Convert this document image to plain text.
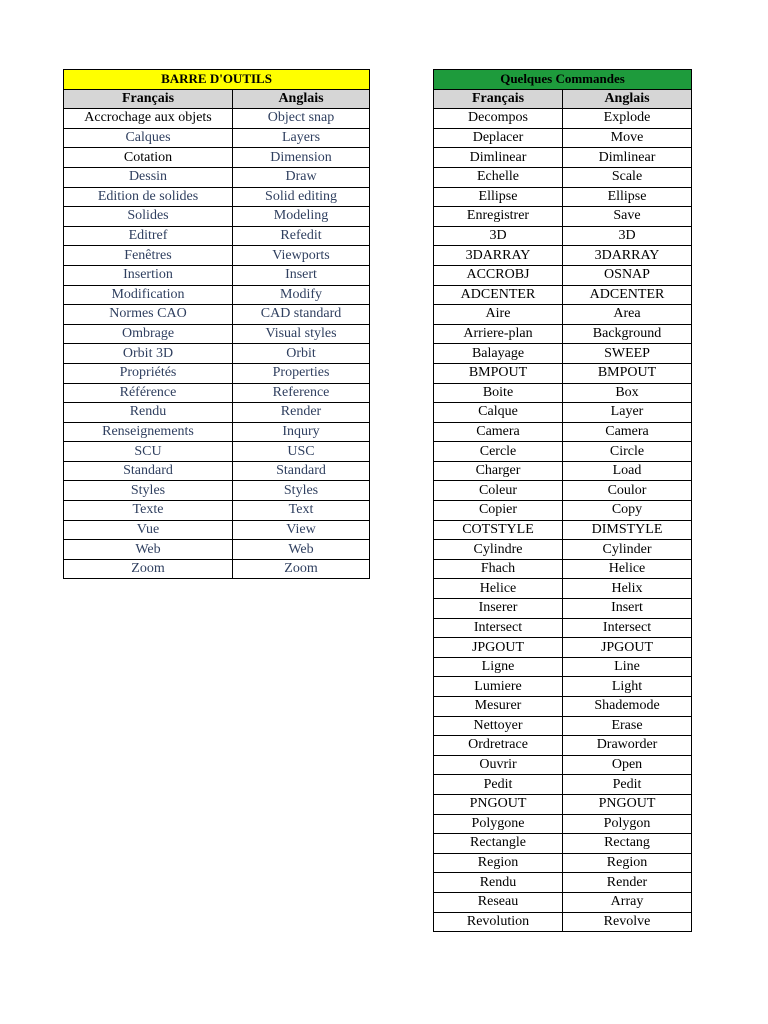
BARRE D'OUTILS	
Français	Anglais
Accrochage aux objets	Object snap
Calques	Layers
Cotation	Dimension
Dessin	Draw
Edition de solides	Solid editing
Solides	Modeling
Editref	Refedit
Fenêtres	Viewports
Insertion	Insert
Modification	Modify
Normes CAO	CAD standard
Ombrage	Visual styles
Orbit 3D	Orbit
Propriétés	Properties
Référence	Reference
Rendu	Render
Renseignements	Inqury
SCU	USC
Standard	Standard
Styles	Styles
Texte	Text
Vue	View
Web	Web
Zoom	Zoom
Quelques Commandes	
Français	Anglais
Decompos	Explode
Deplacer	Move
Dimlinear	Dimlinear
Echelle	Scale
Ellipse	Ellipse
Enregistrer	Save
3D	3D
3DARRAY	3DARRAY
ACCROBJ	OSNAP
ADCENTER	ADCENTER
Aire	Area
Arriere-plan	Background
Balayage	SWEEP
BMPOUT	BMPOUT
Boite	Box
Calque	Layer
Camera	Camera
Cercle	Circle
Charger	Load
Coleur	Coulor
Copier	Copy
COTSTYLE	DIMSTYLE
Cylindre	Cylinder
Fhach	Helice
Helice	Helix
Inserer	Insert
Intersect	Intersect
JPGOUT	JPGOUT
Ligne	Line
Lumiere	Light
Mesurer	Shademode
Nettoyer	Erase
Ordretrace	Draworder
Ouvrir	Open
Pedit	Pedit
PNGOUT	PNGOUT
Polygone	Polygon
Rectangle	Rectang
Region	Region
Rendu	Render
Reseau	Array
Revolution	Revolve
